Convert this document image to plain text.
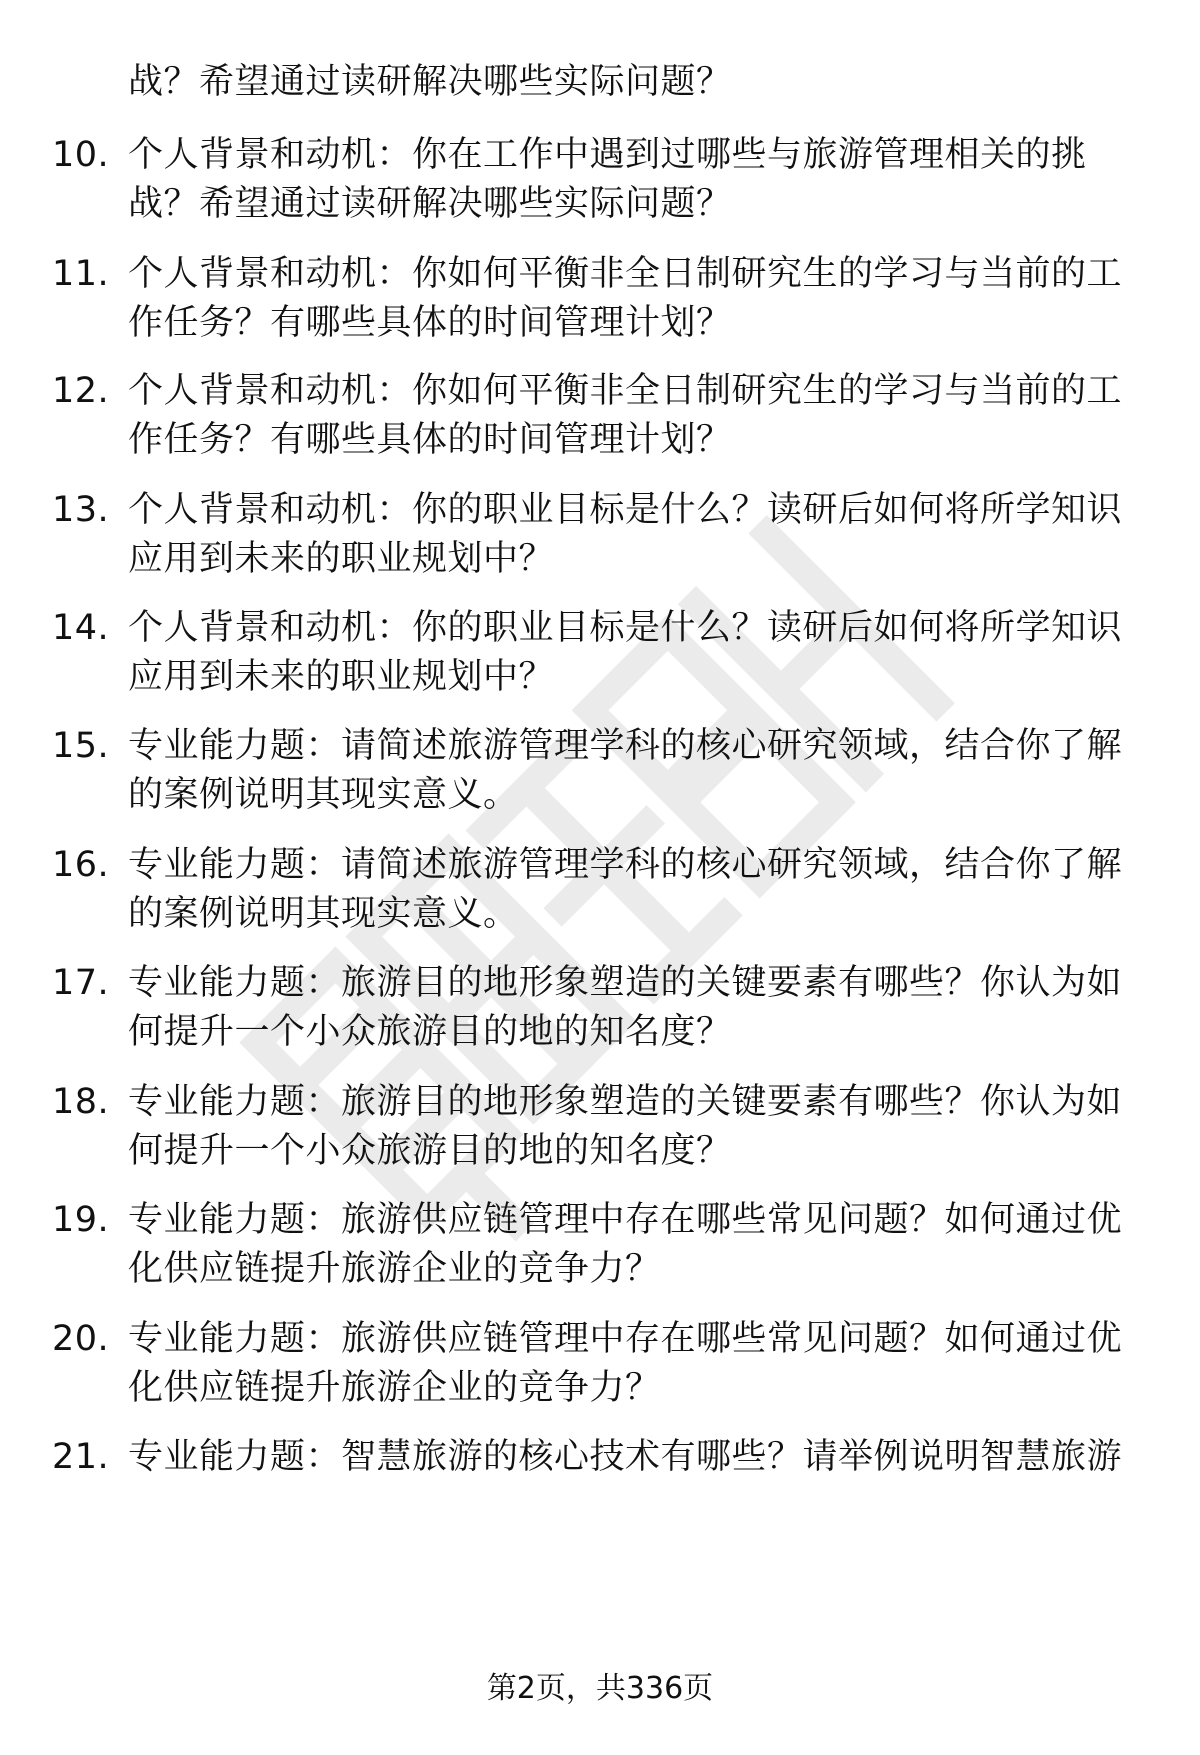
战？希望通过读研解决哪些实际问题？
10. 个人背景和动机：你在工作中遇到过哪些与旅游管理相关的挑战？希望通过读研解决哪些实际问题？
11. 个人背景和动机：你如何平衡非全日制研究生的学习与当前的工作任务？有哪些具体的时间管理计划？
12. 个人背景和动机：你如何平衡非全日制研究生的学习与当前的工作任务？有哪些具体的时间管理计划？
13. 个人背景和动机：你的职业目标是什么？读研后如何将所学知识应用到未来的职业规划中？
14. 个人背景和动机：你的职业目标是什么？读研后如何将所学知识应用到未来的职业规划中？
15. 专业能力题：请简述旅游管理学科的核心研究领域，结合你了解的案例说明其现实意义。
16. 专业能力题：请简述旅游管理学科的核心研究领域，结合你了解的案例说明其现实意义。
17. 专业能力题：旅游目的地形象塑造的关键要素有哪些？你认为如何提升一个小众旅游目的地的知名度？
18. 专业能力题：旅游目的地形象塑造的关键要素有哪些？你认为如何提升一个小众旅游目的地的知名度？
19. 专业能力题：旅游供应链管理中存在哪些常见问题？如何通过优化供应链提升旅游企业的竞争力？
20. 专业能力题：旅游供应链管理中存在哪些常见问题？如何通过优化供应链提升旅游企业的竞争力？
21. 专业能力题：智慧旅游的核心技术有哪些？请举例说明智慧旅游
第2页，共336页
